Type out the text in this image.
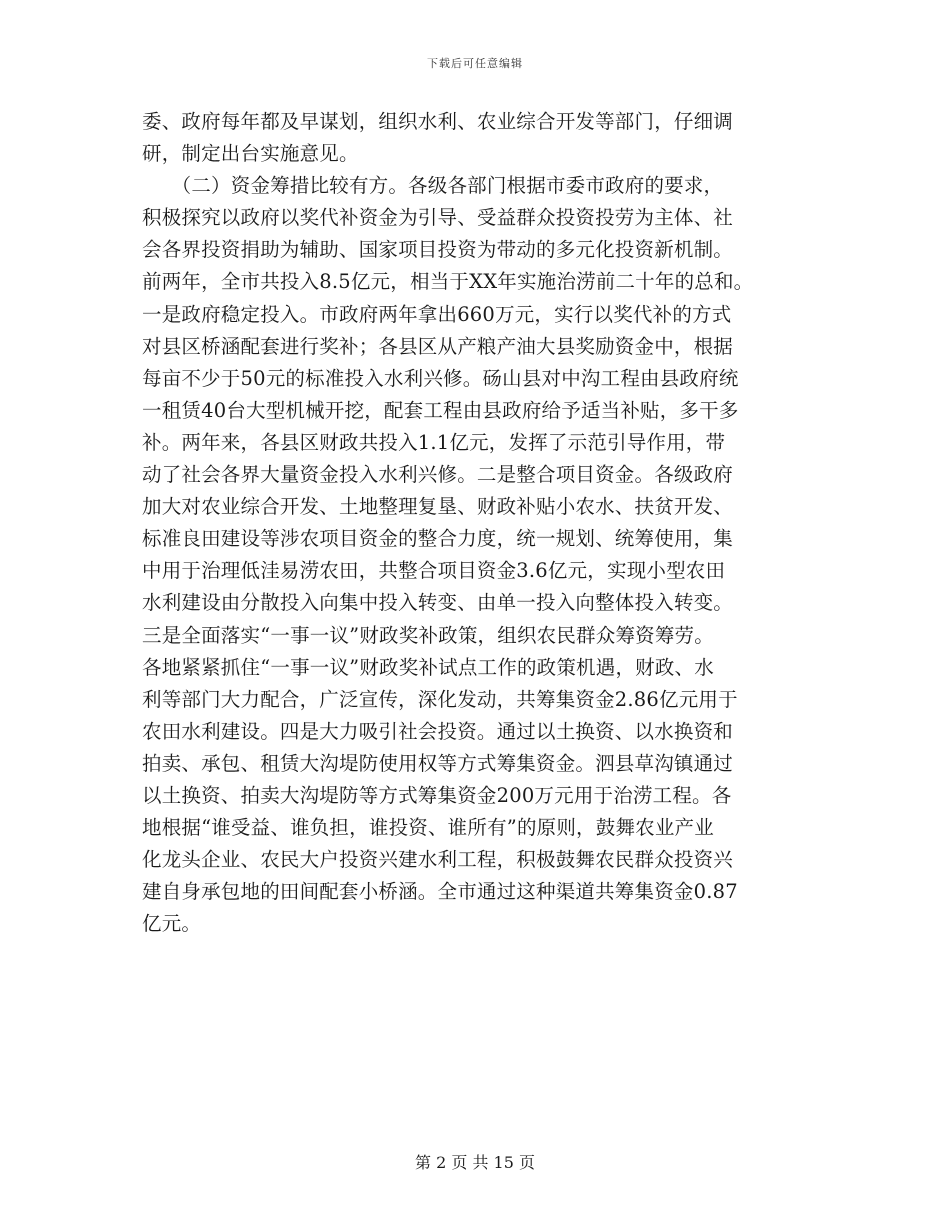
下载后可任意编辑
委、政府每年都及早谋划，组织水利、农业综合开发等部门，仔细调
研，制定出台实施意见。
　　（二）资金筹措比较有方。各级各部门根据市委市政府的要求，
积极探究以政府以奖代补资金为引导、受益群众投资投劳为主体、社
会各界投资捐助为辅助、国家项目投资为带动的多元化投资新机制。
前两年，全市共投入8.5亿元，相当于XX年实施治涝前二十年的总和。
一是政府稳定投入。市政府两年拿出660万元，实行以奖代补的方式
对县区桥涵配套进行奖补；各县区从产粮产油大县奖励资金中，根据
每亩不少于50元的标准投入水利兴修。砀山县对中沟工程由县政府统
一租赁40台大型机械开挖，配套工程由县政府给予适当补贴，多干多
补。两年来，各县区财政共投入1.1亿元，发挥了示范引导作用，带
动了社会各界大量资金投入水利兴修。二是整合项目资金。各级政府
加大对农业综合开发、土地整理复垦、财政补贴小农水、扶贫开发、
标准良田建设等涉农项目资金的整合力度，统一规划、统筹使用，集
中用于治理低洼易涝农田，共整合项目资金3.6亿元，实现小型农田
水利建设由分散投入向集中投入转变、由单一投入向整体投入转变。
三是全面落实“一事一议”财政奖补政策，组织农民群众筹资筹劳。
各地紧紧抓住“一事一议”财政奖补试点工作的政策机遇，财政、水
利等部门大力配合，广泛宣传，深化发动，共筹集资金2.86亿元用于
农田水利建设。四是大力吸引社会投资。通过以土换资、以水换资和
拍卖、承包、租赁大沟堤防使用权等方式筹集资金。泗县草沟镇通过
以土换资、拍卖大沟堤防等方式筹集资金200万元用于治涝工程。各
地根据“谁受益、谁负担，谁投资、谁所有”的原则，鼓舞农业产业
化龙头企业、农民大户投资兴建水利工程，积极鼓舞农民群众投资兴
建自身承包地的田间配套小桥涵。全市通过这种渠道共筹集资金0.87
亿元。
第 2 页 共 15 页
